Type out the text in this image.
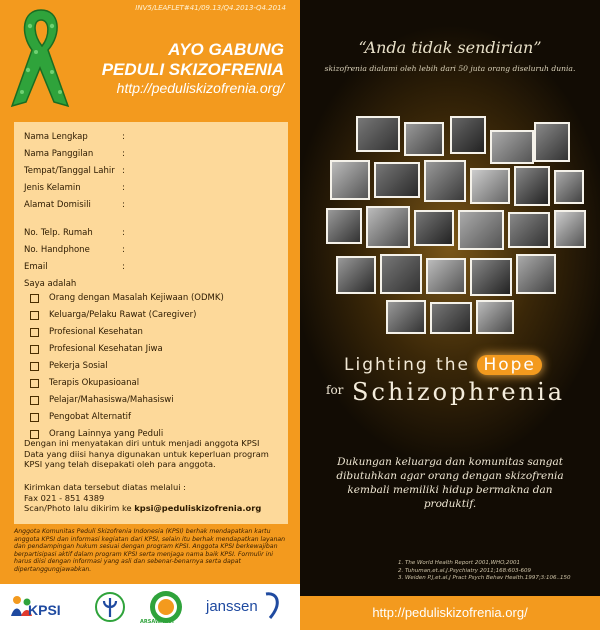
INV5/LEAFLET#41/09.13/Q4.2013-Q4.2014
AYO GABUNG
PEDULI SKIZOFRENIA
http://peduliskizofrenia.org/
Nama Lengkap	:
Nama Panggilan	:
Tempat/Tanggal Lahir :
Jenis Kelamin	:
Alamat Domisili	:
No. Telp. Rumah	:
No. Handphone	:
Email	:
Saya adalah
Orang dengan Masalah Kejiwaan (ODMK)
Keluarga/Pelaku Rawat (Caregiver)
Profesional Kesehatan
Profesional Kesehatan Jiwa
Pekerja Sosial
Terapis Okupasioanal
Pelajar/Mahasiswa/Mahasiswi
Pengobat Alternatif
Orang Lainnya yang Peduli
Dengan ini menyatakan diri untuk menjadi anggota KPSI Data yang diisi hanya digunakan untuk keperluan program KPSI yang telah disepakati oleh para anggota.
Kirimkan data tersebut diatas melalui :
Fax 021 - 851 4389
Scan/Photo lalu dikirim ke kpsi@peduliskizofrenia.org
Anggota Komunitas Peduli Skizofrenia Indonesia (KPSI) berhak mendapatkan kartu anggota KPSI dan informasi kegiatan dari KPSI, selain itu berhak mendapatkan layanan dan pendampingan hukum sesuai dengan program KPSI. Anggota KPSI berkewajiban berpartisipasi aktif dalam program KPSI serta menjaga nama baik KPSI. Formulir ini harus diisi dengan informasi yang asli dan sebenar-benarnya serta dapat dipertanggungjawabkan.
KPSI
ARSAWAKOI
janssen
“Anda tidak sendirian”
skizofrenia dialami oleh lebih dari 50 juta orang diseluruh dunia.
Lighting the Hope
for Schizophrenia
Dukungan keluarga dan komunitas sangat dibutuhkan agar orang dengan skizofrenia kembali memiliki hidup bermakna dan produktif.
1. The World Health Report 2001,WHO,2001
2. Tuhuman,et.al.J.Psychiatry 2011;168:603-609
3. Weiden P.J,et.al.J Pract Psych Behav Health.1997;3:106..150
http://peduliskizofrenia.org/
